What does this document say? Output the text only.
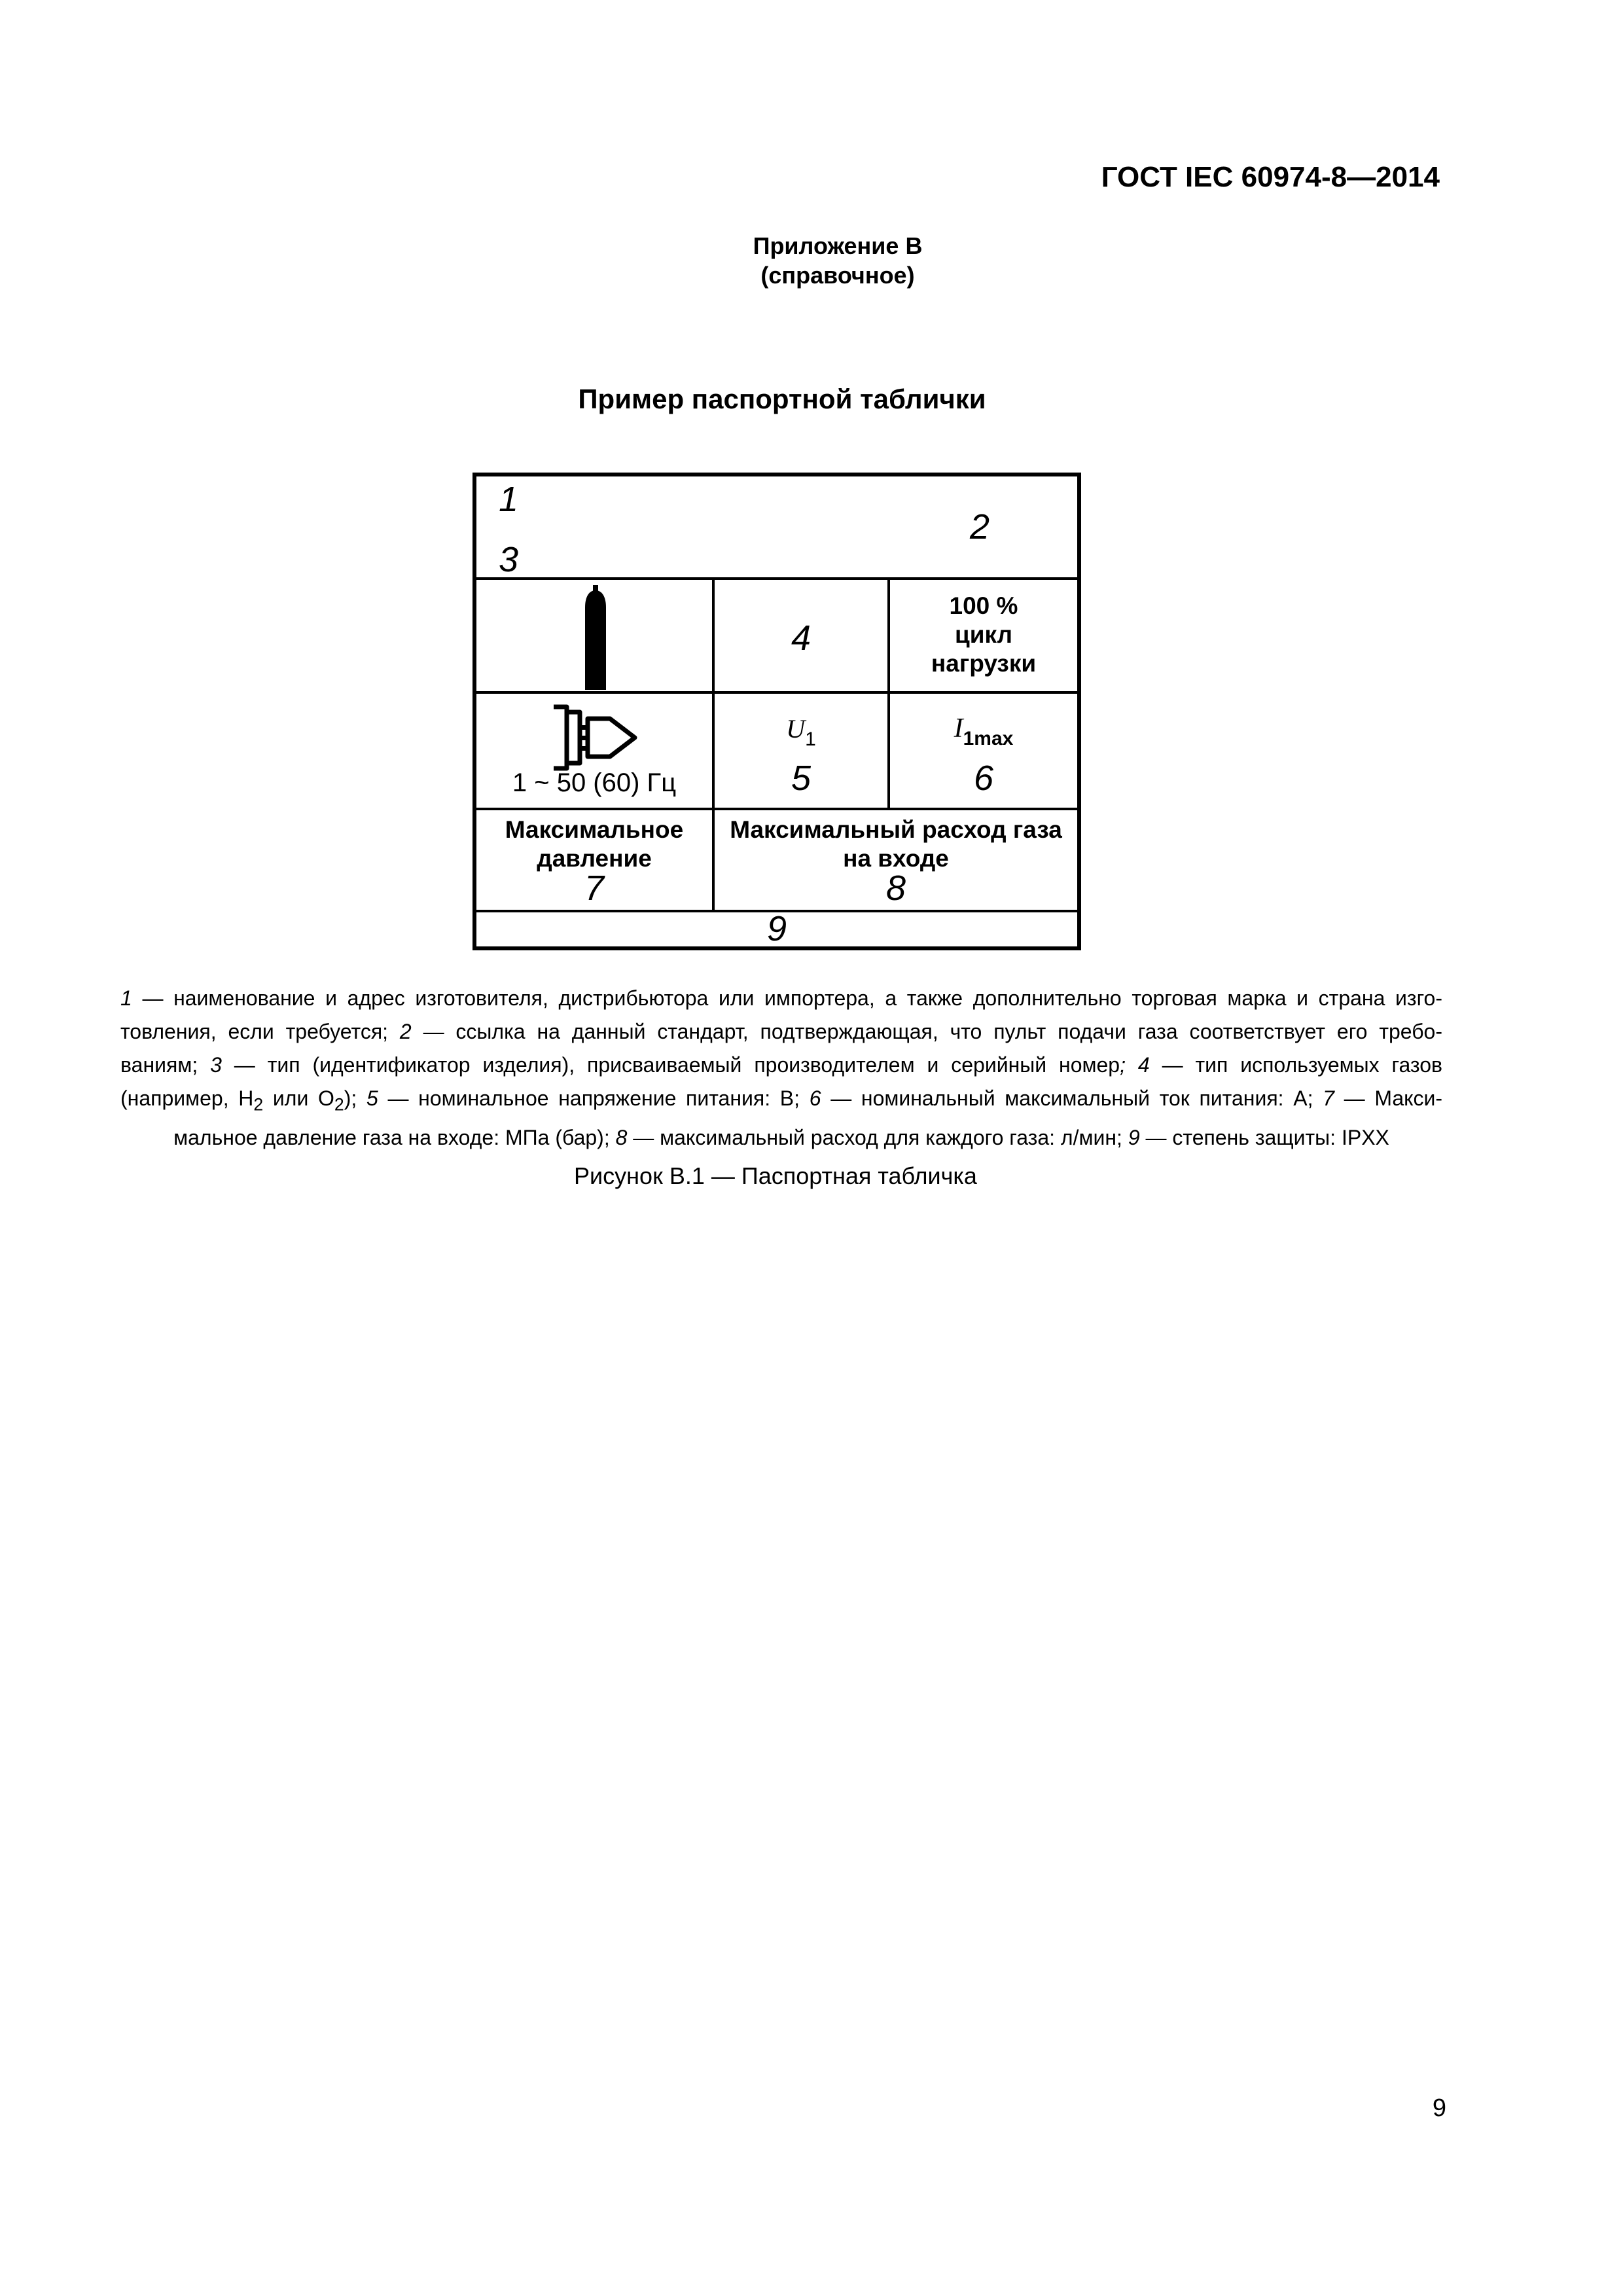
ГОСТ IEC 60974-8—2014
Приложение В
(справочное)
Пример паспортной таблички
1
2
3
4
100 %
цикл
нагрузки
1 ~ 50 (60) Гц
$U_1$
5
$I_{1max}$
6
Максимальное
давление
7
Максимальный расход газа
на входе
8
9
1 — наименование и адрес изготовителя, дистрибьютора или импортера, а также дополнительно торговая марка и страна изго-
товления, если требуется; 2 — ссылка на данный стандарт, подтверждающая, что пульт подачи газа соответствует его требо-
ваниям; 3 — тип (идентификатор изделия), присваиваемый производителем и серийный номер; 4 — тип используемых газов
(например, $H_2$ или $O_2$); 5 — номинальное напряжение питания: В; 6 — номинальный максимальный ток питания: А; 7 — Макси-
мальное давление газа на входе: МПа (бар); 8 — максимальный расход для каждого газа: л/мин; 9 — степень защиты: IPXX
Рисунок В.1 — Паспортная табличка
9
